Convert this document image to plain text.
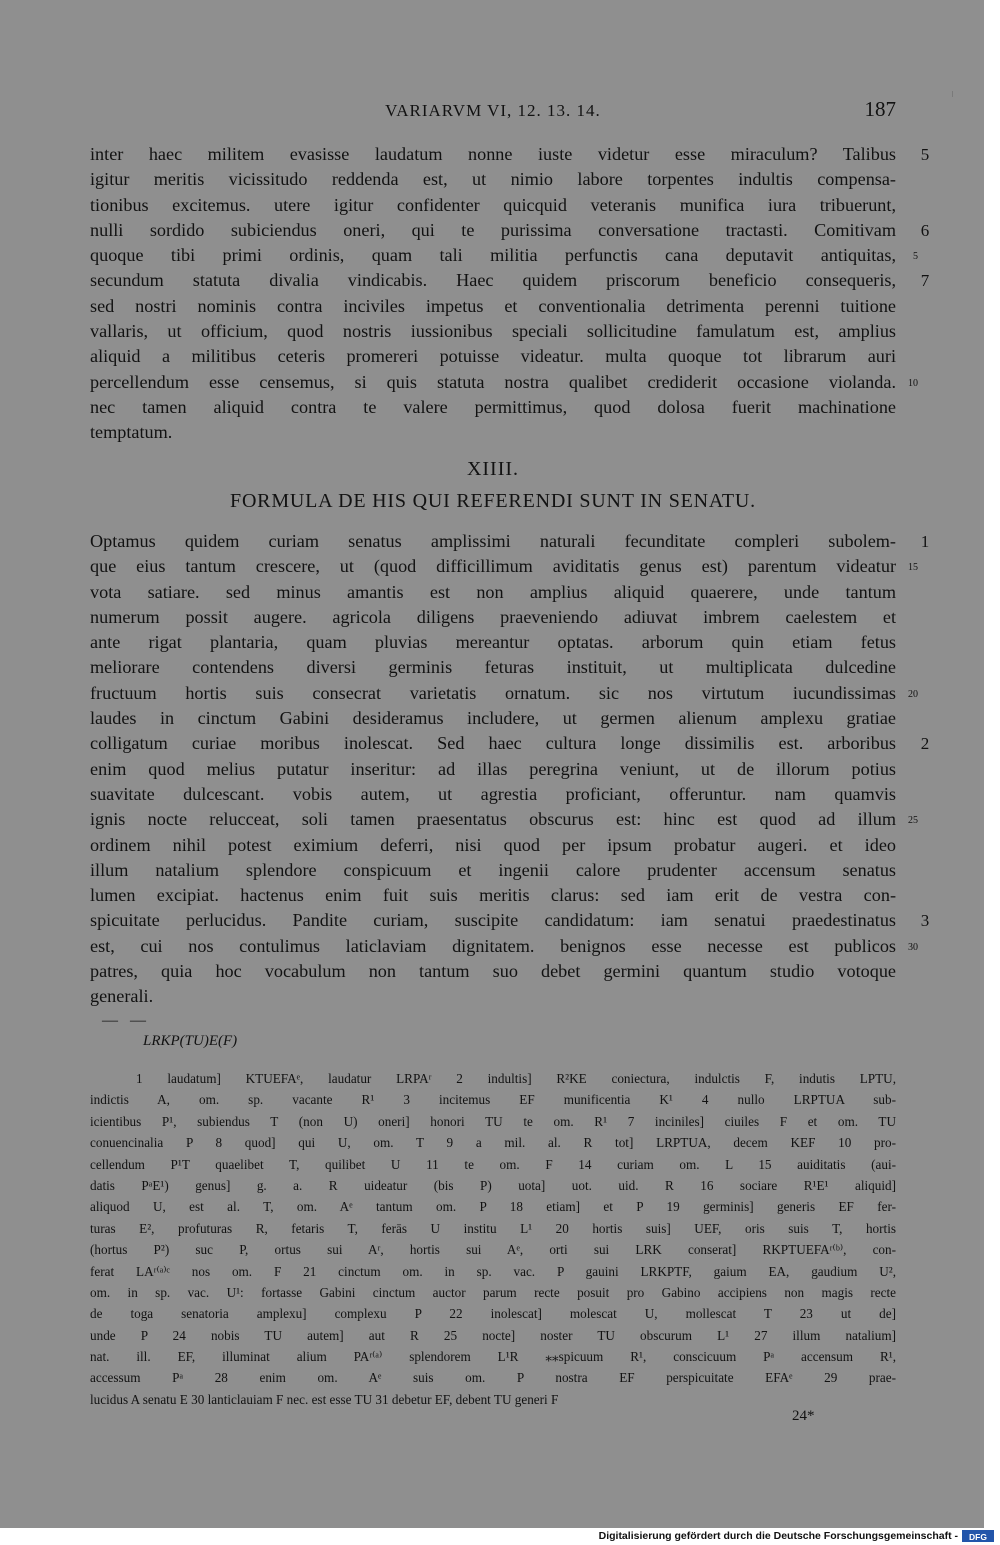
VARIARVM VI, 12. 13. 14.	187
inter haec militem evasisse laudatum nonne iuste videtur esse miraculum? Talibus	5
igitur meritis vicissitudo reddenda est, ut nimio labore torpentes indultis compensa-
tionibus excitemus. utere igitur confidenter quicquid veteranis munifica iura tribuerunt,
nulli sordido subiciendus oneri, qui te purissima conversatione tractasti. Comitivam	6
quoque tibi primi ordinis, quam tali militia perfunctis cana deputavit antiquitas, 5
secundum statuta divalia vindicabis. Haec quidem priscorum beneficio consequeris,	7
sed nostri nominis contra inciviles impetus et conventionalia detrimenta perenni tuitione
vallaris, ut officium, quod nostris iussionibus speciali sollicitudine famulatum est, amplius
aliquid a militibus ceteris promereri potuisse videatur. multa quoque tot librarum auri
percellendum esse censemus, si quis statuta nostra qualibet crediderit occasione violanda. 10
nec tamen aliquid contra te valere permittimus, quod dolosa fuerit machinatione
temptatum.
XIIII.
FORMULA DE HIS QUI REFERENDI SUNT IN SENATU.
Optamus quidem curiam senatus amplissimi naturali fecunditate compleri subolem-	1
que eius tantum crescere, ut (quod difficillimum aviditatis genus est) parentum videatur 15
vota satiare. sed minus amantis est non amplius aliquid quaerere, unde tantum
numerum possit augere. agricola diligens praeveniendo adiuvat imbrem caelestem et
ante rigat plantaria, quam pluvias mereantur optatas. arborum quin etiam fetus
meliorare contendens diversi germinis feturas instituit, ut multiplicata dulcedine
fructuum hortis suis consecrat varietatis ornatum. sic nos virtutum iucundissimas 20
laudes in cinctum Gabini desideramus includere, ut germen alienum amplexu gratiae
colligatum curiae moribus inolescat. Sed haec cultura longe dissimilis est. arboribus	2
enim quod melius putatur inseritur: ad illas peregrina veniunt, ut de illorum potius
suavitate dulcescant. vobis autem, ut agrestia proficiant, offeruntur. nam quamvis
ignis nocte relucceat, soli tamen praesentatus obscurus est: hinc est quod ad illum 25
ordinem nihil potest eximium deferri, nisi quod per ipsum probatur augeri. et ideo
illum natalium splendore conspicuum et ingenii calore prudenter accensum senatus
lumen excipiat. hactenus enim fuit suis meritis clarus: sed iam erit de vestra con-
spicuitate perlucidus. Pandite curiam, suscipite candidatum: iam senatui praedestinatus	3
est, cui nos contulimus laticlaviam dignitatem. benignos esse necesse est publicos 30
patres, quia hoc vocabulum non tantum suo debet germini quantum studio votoque
generali.
— —
LRKP(TU)E(F)
1 laudatum] KTUEFAᵉ, laudatur LRPAʳ 2 indultis] R²KE coniectura, indulctis F, indutis LPTU,
indictis A, om. sp. vacante R¹ 3 incitemus EF munificentia K¹ 4 nullo LRPTUA sub-
icientibus P¹, subiendus T (non U) oneri] honori TU te om. R¹ 7 inciniles] ciuiles F et om. TU
conuencinalia P 8 quod] qui U, om. T 9 a mil. al. R tot] LRPTUA, decem KEF 10 pro-
cellendum P¹T quaelibet T, quilibet U 11 te om. F 14 curiam om. L 15 auiditatis (aui-
datis PᵃE¹) genus] g. a. R uideatur (bis P) uota] uot. uid. R 16 sociare R¹E¹ aliquid]
aliquod U, est al. T, om. Aᵉ tantum om. P 18 etiam] et P 19 germinis] generis EF fer-
turas E², profuturas R, fetaris T, ferās U institu L¹ 20 hortis suis] UEF, oris suis T, hortis
(hortus P²) suc P, ortus sui Aʳ, hortis sui Aᵉ, orti sui LRK conserat] RKPTUEFAʳ⁽ᵇ⁾, con-
ferat LAʳ⁽ᵃ⁾ᶜ nos om. F 21 cinctum om. in sp. vac. P gauini LRKPTF, gaium EA, gaudium U²,
om. in sp. vac. U¹: fortasse Gabini cinctum auctor parum recte posuit pro Gabino accipiens non magis recte
de toga senatoria amplexu] complexu P 22 inolescat] molescat U, mollescat T 23 ut de]
unde P 24 nobis TU autem] aut R 25 nocte] noster TU obscurum L¹ 27 illum natalium]
nat. ill. EF, illuminat alium PAʳ⁽ᵃ⁾ splendorem L¹R ⁎⁎spicuum R¹, conscicuum Pᵃ accensum R¹,
accessum Pᵃ 28 enim om. Aᵉ suis om. P nostra EF perspicuitate EFAᵉ 29 prae-
lucidus A senatu E 30 lanticlauiam F nec. est esse TU 31 debetur EF, debent TU generi F
24*
Digitalisierung gefördert durch die Deutsche Forschungsgemeinschaft -	DFG
